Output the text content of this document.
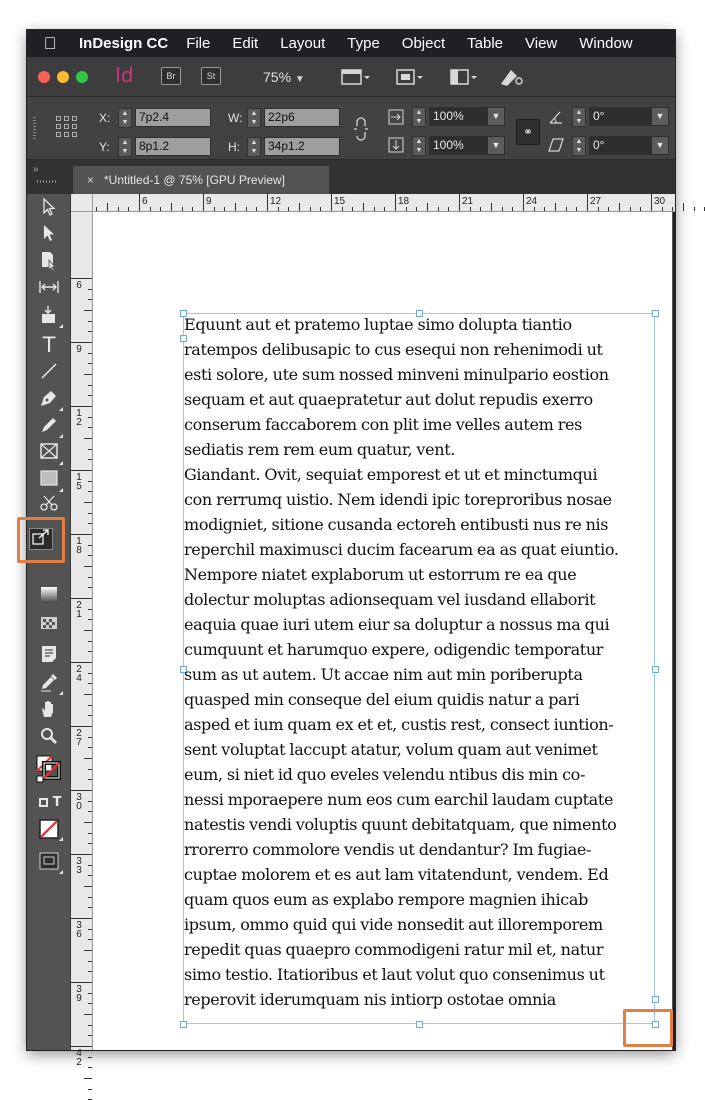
InDesign CC File Edit Layout Type Object Table View Window
Id	Br	St	75% ▼
X:	▲
▼ 7p2.4
Y:	▲
▼ 8p1.2
W:	▲
▼ 22p6
H:	▲
▼ 34p1.2
▲
▼ 100%	▼
▲
▼ 100%	▼
⚭
▲
▼ 0°	▼
▲
▼ 0°	▼
»
× *Untitled-1 @ 75% [GPU Preview]
T
T
6	9	12	15	18	21	24	27	30
6
9
1
2
1
5
1
8
2
1
2
4
2
7
3
0
3
3
3
6
3
9
4
2
Equunt aut et pratemo luptae simo dolupta tiantio
ratempos delibusapic to cus esequi non rehenimodi ut
esti solore, ute sum nossed minveni minulpario eostion
sequam et aut quaepratetur aut dolut repudis exerro
conserum faccaborem con plit ime velles autem res
sediatis rem rem eum quatur, vent.
Giandant. Ovit, sequiat emporest et ut et minctumqui
con rerrumq uistio. Nem idendi ipic toreproribus nosae
modigniet, sitione cusanda ectoreh entibusti nus re nis
reperchil maximusci ducim facearum ea as quat eiuntio.
Nempore niatet explaborum ut estorrum re ea que
dolectur moluptas adionsequam vel iusdand ellaborit
eaquia quae iuri utem eiur sa doluptur a nossus ma qui
cumquunt et harumquo expere, odigendic temporatur
sum as ut autem. Ut accae nim aut min poriberupta
quasped min conseque del eium quidis natur a pari
asped et ium quam ex et et, custis rest, consect iuntion-
sent voluptat laccupt atatur, volum quam aut venimet
eum, si niet id quo eveles velendu ntibus dis min co-
nessi mporaepere num eos cum earchil laudam cuptate
natestis vendi voluptis quunt debitatquam, que nimento
rrorerro commolore vendis ut dendantur? Im fugiae-
cuptae molorem et es aut lam vitatendunt, vendem. Ed
quam quos eum as explabo rempore magnien ihicab
ipsum, ommo quid qui vide nonsedit aut illoremporem
repedit quas quaepro commodigeni ratur mil et, natur
simo testio. Itatioribus et laut volut quo consenimus ut
reperovit iderumquam nis intiorp ostotae omnia
